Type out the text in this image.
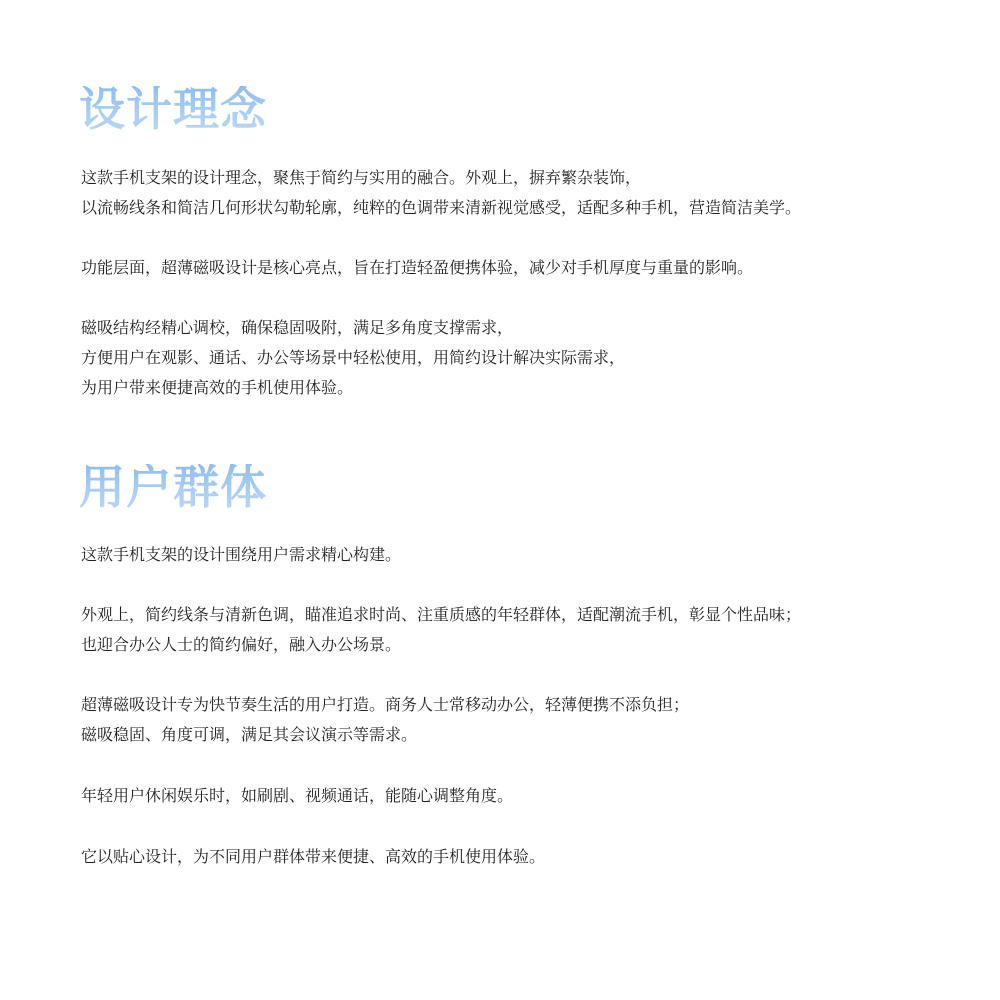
设计理念°

这款手机支架的设计理念，聚焦于简约与实用的融合。外观上，摒弃繁杂装饰，
以流畅线条和简洁几何形状勾勒轮廓，纯粹的色调带来清新视觉感受，适配多种手机，营造简洁美学。

功能层面，超薄磁吸设计是核心亮点，旨在打造轻盈便携体验，减少对手机厚度与重量的影响。

磁吸结构经精心调校，确保稳固吸附，满足多角度支撑需求，
方便用户在观影、通话、办公等场景中轻松使用，用简约设计解决实际需求，
为用户带来便捷高效的手机使用体验。

用户群体°

这款手机支架的设计围绕用户需求精心构建。

外观上，简约线条与清新色调，瞄准追求时尚、注重质感的年轻群体，适配潮流手机，彰显个性品味；
也迎合办公人士的简约偏好，融入办公场景。

超薄磁吸设计专为快节奏生活的用户打造。商务人士常移动办公，轻薄便携不添负担；
磁吸稳固、角度可调，满足其会议演示等需求。

年轻用户休闲娱乐时，如刷剧、视频通话，能随心调整角度。

它以贴心设计，为不同用户群体带来便捷、高效的手机使用体验。
